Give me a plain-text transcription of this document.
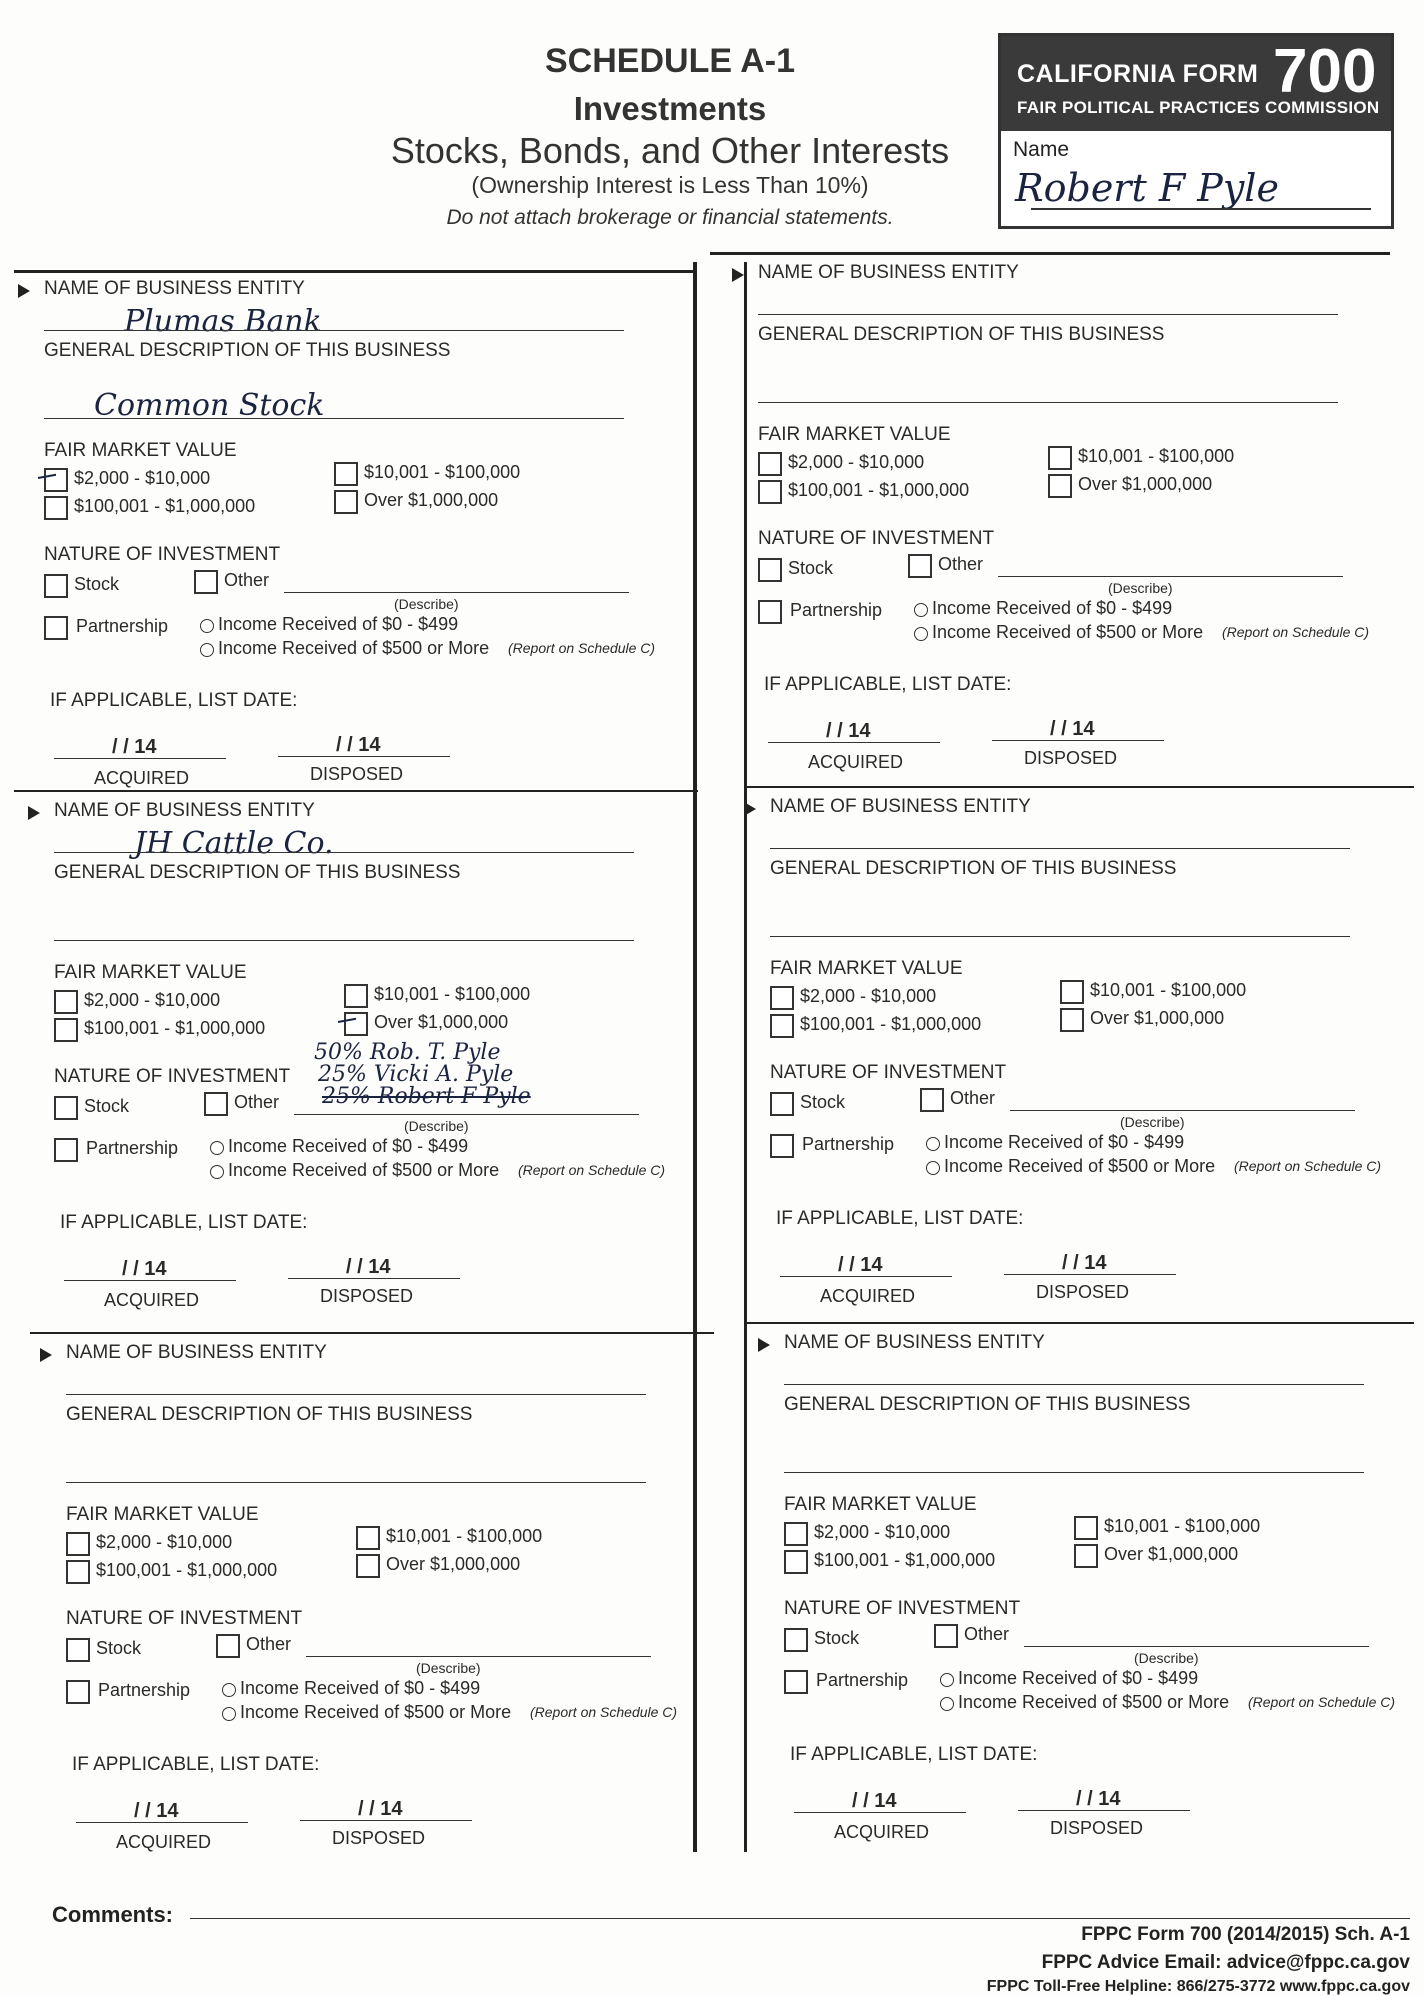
SCHEDULE A-1
Investments
Stocks, Bonds, and Other Interests
(Ownership Interest is Less Than 10%)
Do not attach brokerage or financial statements.
CALIFORNIA FORM 700
FAIR POLITICAL PRACTICES COMMISSION
Name
Robert F Pyle
NAME OF BUSINESS ENTITY
Plumas Bank
GENERAL DESCRIPTION OF THIS BUSINESS
Common Stock
FAIR MARKET VALUE
$2,000 - $10,000	$10,001 - $100,000
$100,001 - $1,000,000	Over $1,000,000
NATURE OF INVESTMENT
Stock	Other
(Describe)
Partnership	Income Received of $0 - $499
Income Received of $500 or More (Report on Schedule C)
IF APPLICABLE, LIST DATE:
/ / 14
ACQUIRED
/ / 14
DISPOSED
NAME OF BUSINESS ENTITY
GENERAL DESCRIPTION OF THIS BUSINESS
FAIR MARKET VALUE
$2,000 - $10,000	$10,001 - $100,000
$100,001 - $1,000,000	Over $1,000,000
NATURE OF INVESTMENT
Stock	Other
(Describe)
Partnership	Income Received of $0 - $499
Income Received of $500 or More (Report on Schedule C)
IF APPLICABLE, LIST DATE:
/ / 14
ACQUIRED
/ / 14
DISPOSED
NAME OF BUSINESS ENTITY
JH Cattle Co.
GENERAL DESCRIPTION OF THIS BUSINESS
FAIR MARKET VALUE
$2,000 - $10,000	$10,001 - $100,000
$100,001 - $1,000,000	Over $1,000,000
NATURE OF INVESTMENT
Stock	Other
(Describe)
50% Rob. T. Pyle
25% Vicki A. Pyle
25% Robert F Pyle
Partnership	Income Received of $0 - $499
Income Received of $500 or More (Report on Schedule C)
IF APPLICABLE, LIST DATE:
/ / 14
ACQUIRED
/ / 14
DISPOSED
NAME OF BUSINESS ENTITY
GENERAL DESCRIPTION OF THIS BUSINESS
FAIR MARKET VALUE
$2,000 - $10,000	$10,001 - $100,000
$100,001 - $1,000,000	Over $1,000,000
NATURE OF INVESTMENT
Stock	Other
(Describe)
Partnership	Income Received of $0 - $499
Income Received of $500 or More (Report on Schedule C)
IF APPLICABLE, LIST DATE:
/ / 14
ACQUIRED
/ / 14
DISPOSED
NAME OF BUSINESS ENTITY
GENERAL DESCRIPTION OF THIS BUSINESS
FAIR MARKET VALUE
$2,000 - $10,000	$10,001 - $100,000
$100,001 - $1,000,000	Over $1,000,000
NATURE OF INVESTMENT
Stock	Other
(Describe)
Partnership	Income Received of $0 - $499
Income Received of $500 or More (Report on Schedule C)
IF APPLICABLE, LIST DATE:
/ / 14
ACQUIRED
/ / 14
DISPOSED
NAME OF BUSINESS ENTITY
GENERAL DESCRIPTION OF THIS BUSINESS
FAIR MARKET VALUE
$2,000 - $10,000	$10,001 - $100,000
$100,001 - $1,000,000	Over $1,000,000
NATURE OF INVESTMENT
Stock	Other
(Describe)
Partnership	Income Received of $0 - $499
Income Received of $500 or More (Report on Schedule C)
IF APPLICABLE, LIST DATE:
/ / 14
ACQUIRED
/ / 14
DISPOSED
Comments:
FPPC Form 700 (2014/2015) Sch. A-1
FPPC Advice Email: advice@fppc.ca.gov
FPPC Toll-Free Helpline: 866/275-3772 www.fppc.ca.gov
